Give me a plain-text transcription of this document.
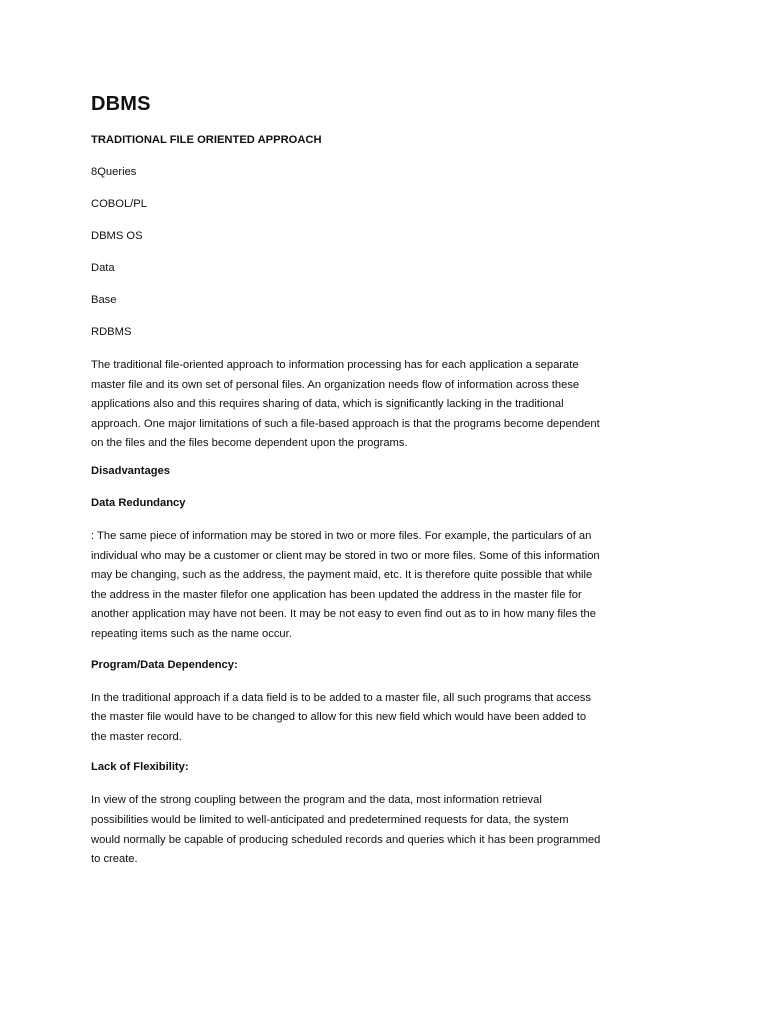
DBMS
TRADITIONAL FILE ORIENTED APPROACH
8Queries
COBOL/PL
DBMS OS
Data
Base
RDBMS
The traditional file-oriented approach to information processing has for each application a separate
master file and its own set of personal files. An organization needs flow of information across these
applications also and this requires sharing of data, which is significantly lacking in the traditional
approach. One major limitations of such a file-based approach is that the programs become dependent
on the files and the files become dependent upon the programs.
Disadvantages
Data Redundancy
: The same piece of information may be stored in two or more files. For example, the particulars of an
individual who may be a customer or client may be stored in two or more files. Some of this information
may be changing, such as the address, the payment maid, etc. It is therefore quite possible that while
the address in the master filefor one application has been updated the address in the master file for
another application may have not been. It may be not easy to even find out as to in how many files the
repeating items such as the name occur.
Program/Data Dependency:
In the traditional approach if a data field is to be added to a master file, all such programs that access
the master file would have to be changed to allow for this new field which would have been added to
the master record.
Lack of Flexibility:
In view of the strong coupling between the program and the data, most information retrieval
possibilities would be limited to well-anticipated and predetermined requests for data, the system
would normally be capable of producing scheduled records and queries which it has been programmed
to create.
